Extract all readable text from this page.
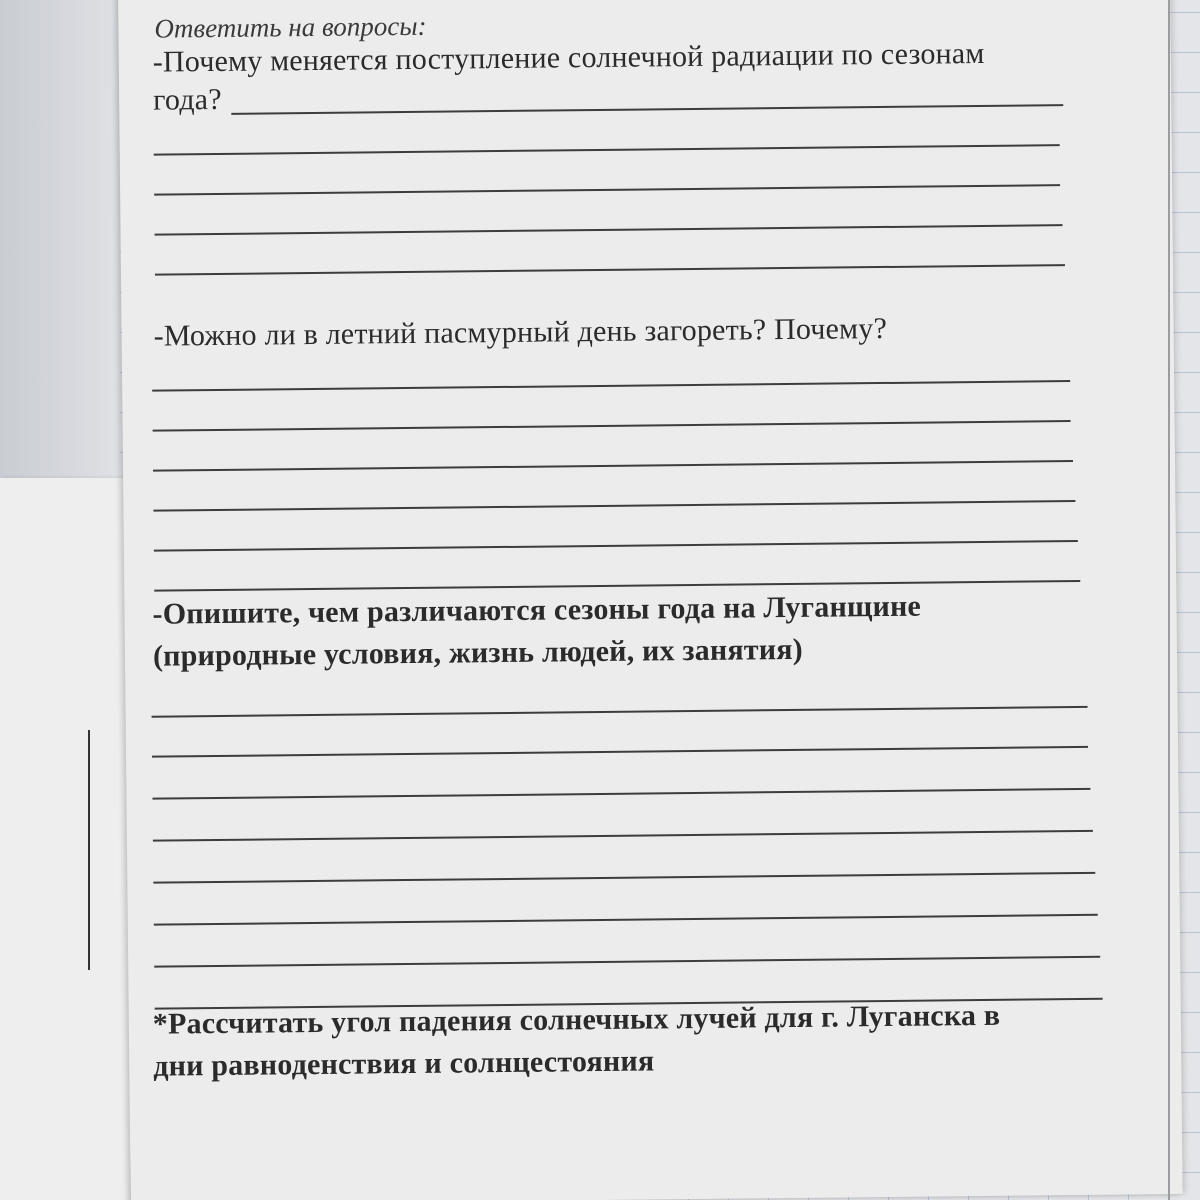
Ответить на вопросы:
-Почему меняется поступление солнечной радиации по сезонам
года?
-Можно ли в летний пасмурный день загореть? Почему?
-Опишите, чем различаются сезоны года на Луганщине
(природные условия, жизнь людей, их занятия)
*Рассчитать угол падения солнечных лучей для г. Луганска в
дни равноденствия и солнцестояния
